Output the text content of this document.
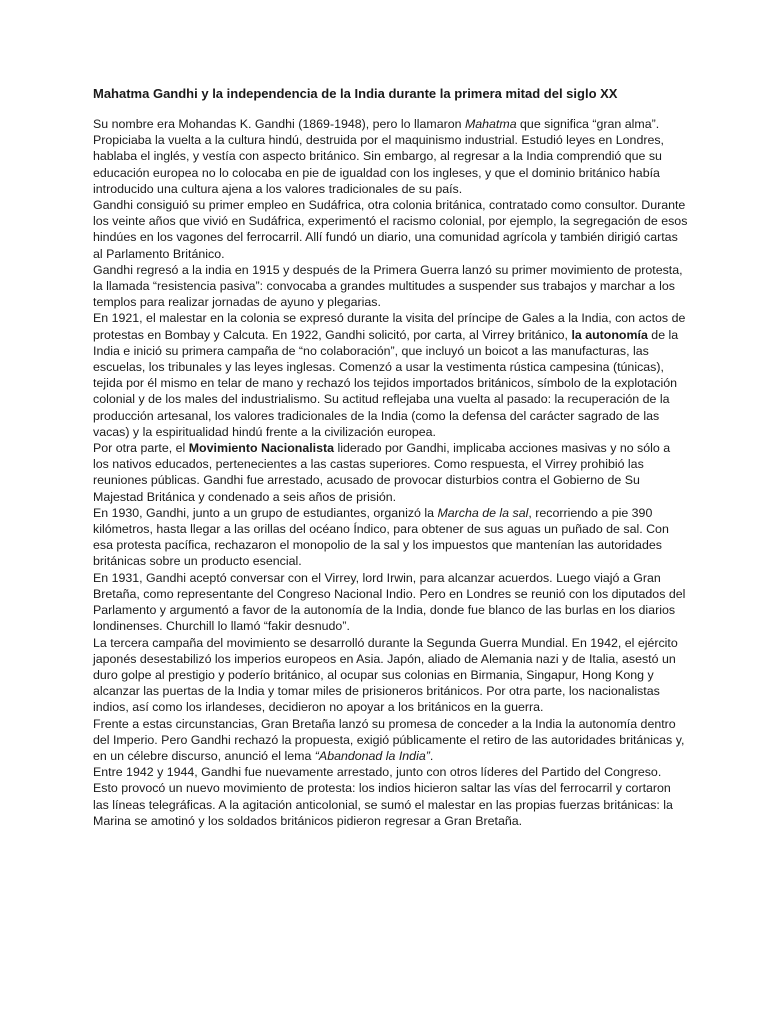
Mahatma Gandhi y la independencia de la India durante la primera mitad del siglo XX

Su nombre era Mohandas K. Gandhi (1869-1948), pero lo llamaron Mahatma que significa “gran alma”. Propiciaba la vuelta a la cultura hindú, destruida por el maquinismo industrial. Estudió leyes en Londres, hablaba el inglés, y vestía con aspecto británico. Sin embargo, al regresar a la India comprendió que su educación europea no lo colocaba en pie de igualdad con los ingleses, y que el dominio británico había introducido una cultura ajena a los valores tradicionales de su país.

Gandhi consiguió su primer empleo en Sudáfrica, otra colonia británica, contratado como consultor. Durante los veinte años que vivió en Sudáfrica, experimentó el racismo colonial, por ejemplo, la segregación de esos hindúes en los vagones del ferrocarril. Allí fundó un diario, una comunidad agrícola y también dirigió cartas al Parlamento Británico.

Gandhi regresó a la india en 1915 y después de la Primera Guerra lanzó su primer movimiento de protesta, la llamada “resistencia pasiva”: convocaba a grandes multitudes a suspender sus trabajos y marchar a los templos para realizar jornadas de ayuno y plegarias.

En 1921, el malestar en la colonia se expresó durante la visita del príncipe de Gales a la India, con actos de protestas en Bombay y Calcuta. En 1922, Gandhi solicitó, por carta, al Virrey británico, la autonomía de la India e inició su primera campaña de “no colaboración”, que incluyó un boicot a las manufacturas, las escuelas, los tribunales y las leyes inglesas. Comenzó a usar la vestimenta rústica campesina (túnicas), tejida por él mismo en telar de mano y rechazó los tejidos importados británicos, símbolo de la explotación colonial y de los males del industrialismo. Su actitud reflejaba una vuelta al pasado: la recuperación de la producción artesanal, los valores tradicionales de la India (como la defensa del carácter sagrado de las vacas) y la espiritualidad hindú frente a la civilización europea.

Por otra parte, el Movimiento Nacionalista liderado por Gandhi, implicaba acciones masivas y no sólo a los nativos educados, pertenecientes a las castas superiores. Como respuesta, el Virrey prohibió las reuniones públicas. Gandhi fue arrestado, acusado de provocar disturbios contra el Gobierno de Su Majestad Británica y condenado a seis años de prisión.

En 1930, Gandhi, junto a un grupo de estudiantes, organizó la Marcha de la sal, recorriendo a pie 390 kilómetros, hasta llegar a las orillas del océano Índico, para obtener de sus aguas un puñado de sal. Con esa protesta pacífica, rechazaron el monopolio de la sal y los impuestos que mantenían las autoridades británicas sobre un producto esencial.

En 1931, Gandhi aceptó conversar con el Virrey, lord Irwin, para alcanzar acuerdos. Luego viajó a Gran Bretaña, como representante del Congreso Nacional Indio. Pero en Londres se reunió con los diputados del Parlamento y argumentó a favor de la autonomía de la India, donde fue blanco de las burlas en los diarios londinenses. Churchill lo llamó “fakir desnudo”.

La tercera campaña del movimiento se desarrolló durante la Segunda Guerra Mundial. En 1942, el ejército japonés desestabilizó los imperios europeos en Asia. Japón, aliado de Alemania nazi y de Italia, asestó un duro golpe al prestigio y poderío británico, al ocupar sus colonias en Birmania, Singapur, Hong Kong y alcanzar las puertas de la India y tomar miles de prisioneros británicos. Por otra parte, los nacionalistas indios, así como los irlandeses, decidieron no apoyar a los británicos en la guerra.

Frente a estas circunstancias, Gran Bretaña lanzó su promesa de conceder a la India la autonomía dentro del Imperio. Pero Gandhi rechazó la propuesta, exigió públicamente el retiro de las autoridades británicas y, en un célebre discurso, anunció el lema “Abandonad la India”.

Entre 1942 y 1944, Gandhi fue nuevamente arrestado, junto con otros líderes del Partido del Congreso. Esto provocó un nuevo movimiento de protesta: los indios hicieron saltar las vías del ferrocarril y cortaron las líneas telegráficas. A la agitación anticolonial, se sumó el malestar en las propias fuerzas británicas: la Marina se amotinó y los soldados británicos pidieron regresar a Gran Bretaña.
